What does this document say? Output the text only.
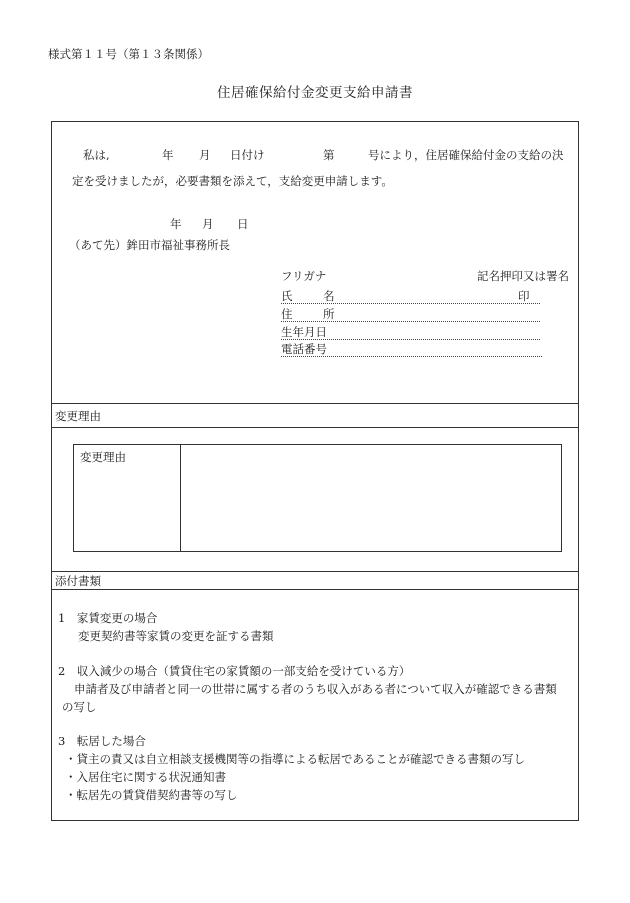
様式第１１号（第１３条関係）
住居確保給付金変更支給申請書
私は,	年 月 日付け	第	号により，住居確保給付金の支給の決
定を受けましたが，必要書類を添えて，支給変更申請します。
年 月 日
（あて先）鉾田市福祉事務所長
フリガナ	記名押印又は署名
氏	名	印
住	所
生年月日
電話番号
変更理由
変更理由
添付書類
1　家賃変更の場合
変更契約書等家賃の変更を証する書類
2　収入減少の場合（賃貸住宅の家賃額の一部支給を受けている方）
申請者及び申請者と同一の世帯に属する者のうち収入がある者について収入が確認できる書類
の写し
3　転居した場合
・貸主の責又は自立相談支援機関等の指導による転居であることが確認できる書類の写し
・入居住宅に関する状況通知書
・転居先の賃貸借契約書等の写し
